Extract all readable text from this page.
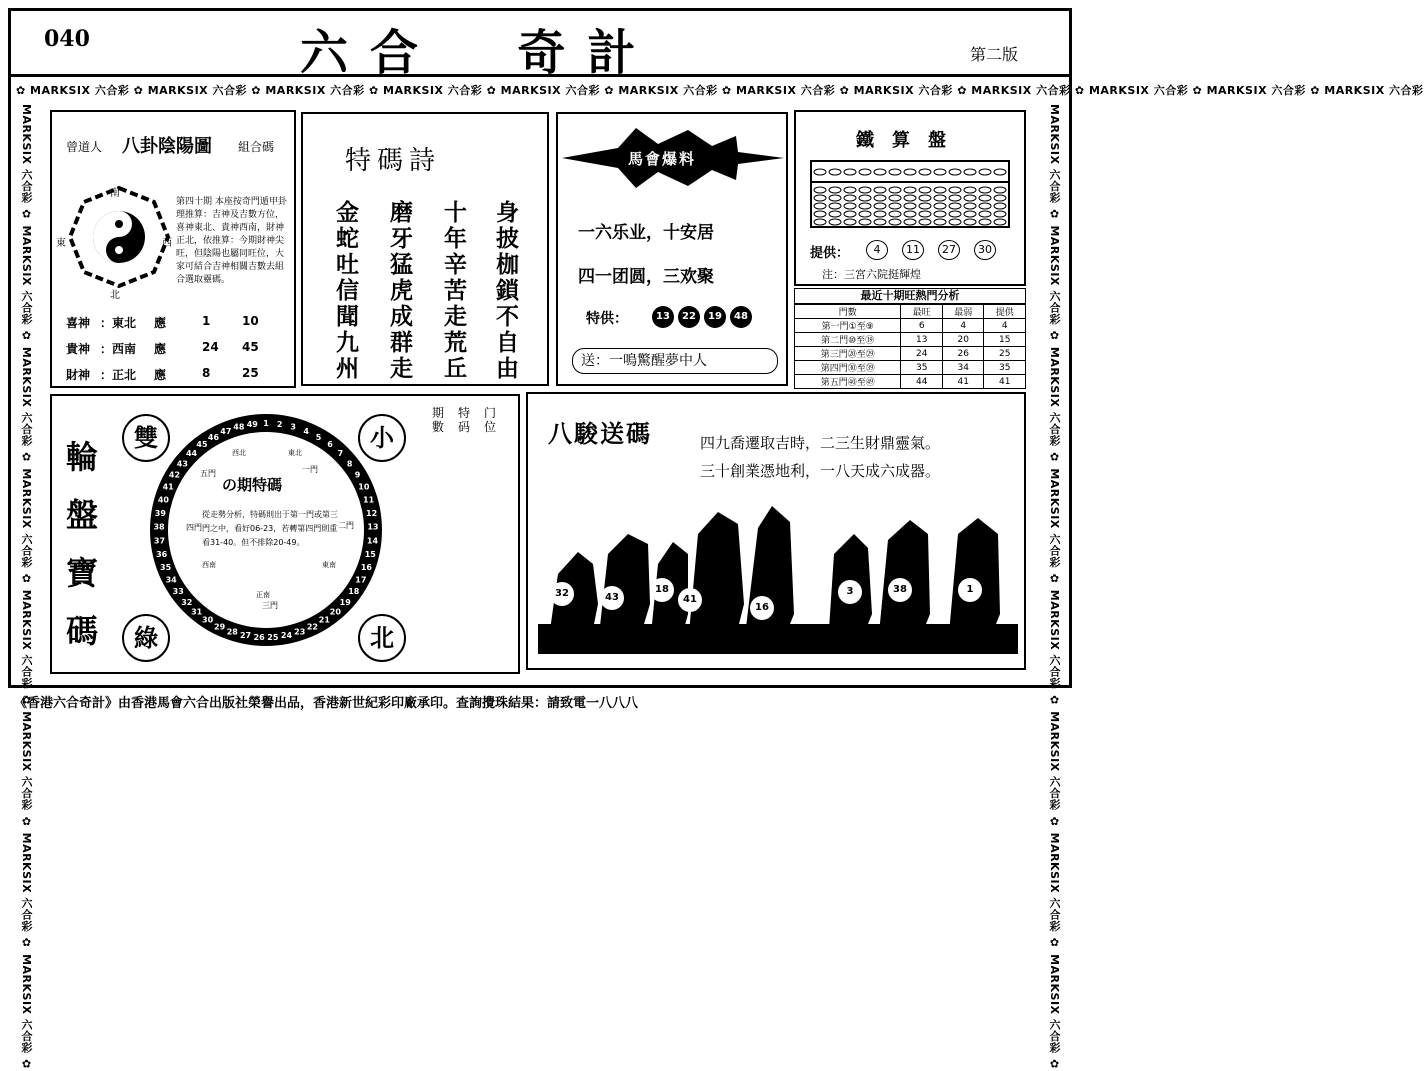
040	六合  奇計	第二版
✿ MARKSIX 六合彩 ✿ MARKSIX 六合彩 ✿ MARKSIX 六合彩 ✿ MARKSIX 六合彩 ✿ MARKSIX 六合彩 ✿ MARKSIX 六合彩 ✿ MARKSIX 六合彩 ✿ MARKSIX 六合彩 ✿ MARKSIX 六合彩 ✿ MARKSIX 六合彩 ✿ MARKSIX 六合彩 ✿ MARKSIX 六合彩
MARKSIX 六合彩 ✿ MARKSIX 六合彩 ✿ MARKSIX 六合彩 ✿ MARKSIX 六合彩 ✿ MARKSIX 六合彩 ✿ MARKSIX 六合彩 ✿ MARKSIX 六合彩 ✿ MARKSIX 六合彩 ✿	MARKSIX 六合彩 ✿ MARKSIX 六合彩 ✿ MARKSIX 六合彩 ✿ MARKSIX 六合彩 ✿ MARKSIX 六合彩 ✿ MARKSIX 六合彩 ✿ MARKSIX 六合彩 ✿ MARKSIX 六合彩 ✿
曾道人 八卦陰陽圖 組合碼
南
北
東	西
第四十期 本座按奇門遁甲卦理推算：吉神及吉數方位，喜神東北、貴神西南，財神正北，依推算：今期財神尖旺，但陰陽也屬同旺位，大家可結合吉神相關吉數去組合選取靈碼。
喜神 ：東北	應	1	10
貴神 ：西南	應	24	45
財神 ：正北	應	8	25
特碼詩
身披枷鎖不自由
十年辛苦走荒丘
磨牙猛虎成群走
金蛇吐信聞九州
馬會爆料
一六乐业，十安居
四一团圆，三欢聚
特供：	13	22	19	48
送：一鳴驚醒夢中人
鐵算盤
提供：	4	11	27	30
注：三宮六院挺輝煌
最近十期旺熱門分析
門數	最旺	最弱	提供
第一門①至⑨	6	4	4
第二門⑩至⑲	13	20	15
第三門⑳至㉙	24	26	25
第四門㉚至㊴	35	34	35
第五門㊵至㊾	44	41	41
輪
盤
寶
碼
雙	小
綠	北
期 數
特 码
门 位
1 2 3 4
5
6
7
8
9
10
11
12
13
14
15
16
17
18
19
20
21
22
23
24
25
26
27
28
29
30
31
32
33
34
35
36
37
38
39
40
41
42
43
44
45
46
47 48 49
の期特碼
從走勢分析，特碼則出于第一門或第三門之中，看好06-23，若轉第四門則重看31-40。但不排除20-49。
一門
二門
三門
四門
五門
西北	東北
東南
西南
正南
八駿送碼	四九喬遷取吉時，二三生財鼎靈氣。
三十創業憑地利，一八天成六成器。
32	43
18
41
16
3	38	1
《香港六合奇計》由香港馬會六合出版社榮譽出品，香港新世紀彩印廠承印。查詢攪珠結果：請致電一八八八
